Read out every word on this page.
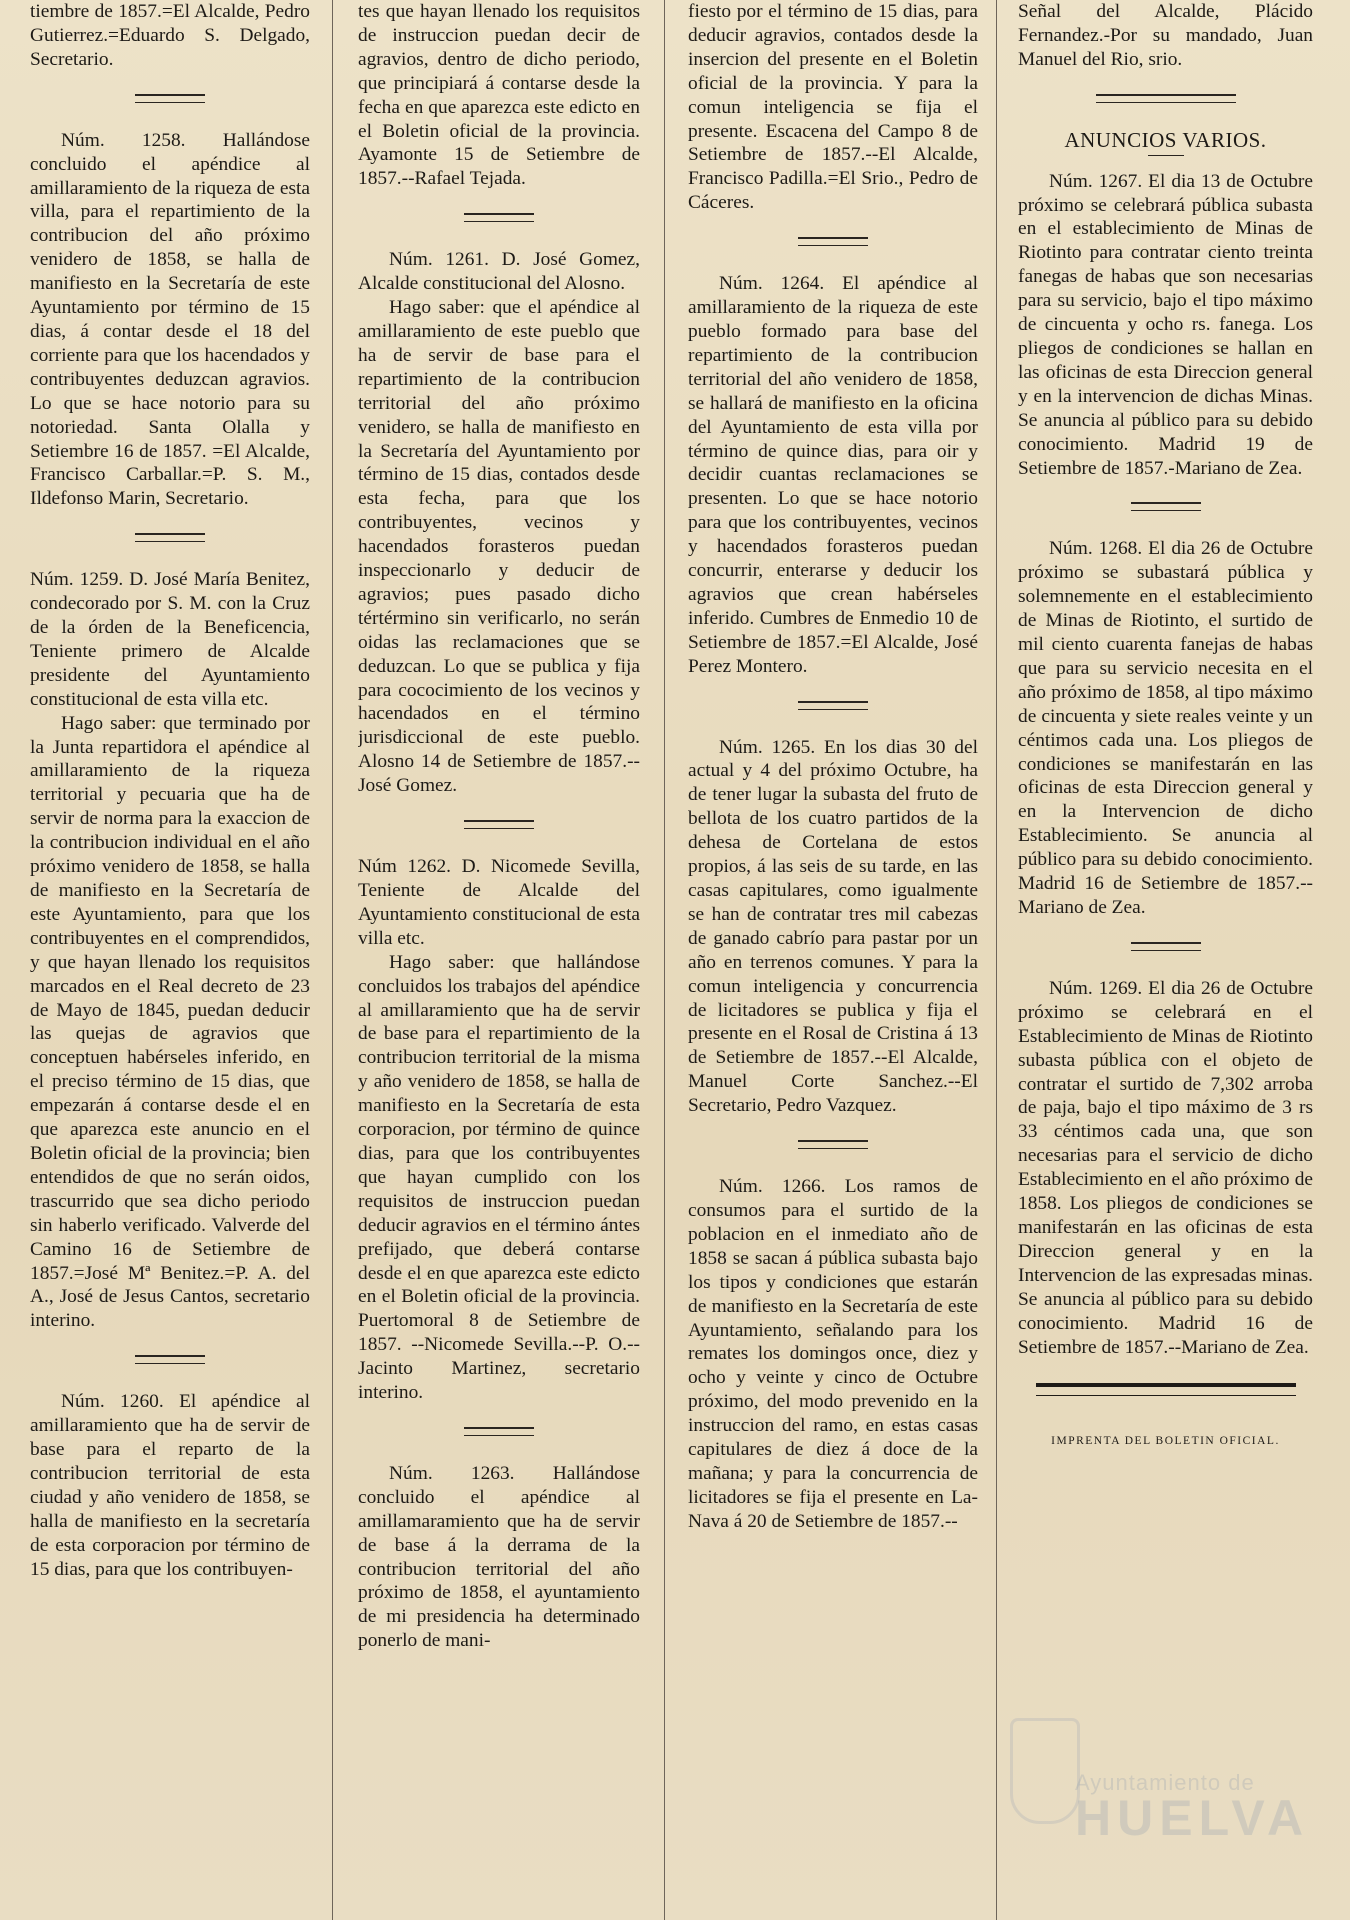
tiembre de 1857.=El Alcalde, Pedro Gutierrez.=Eduardo S. Delgado, Secretario.

Núm. 1258. Hallándose concluido el apéndice al amillaramiento de la riqueza de esta villa, para el repartimiento de la contribucion del año próximo venidero de 1858, se halla de manifiesto en la Secretaría de este Ayuntamiento por término de 15 dias, á contar desde el 18 del corriente para que los hacendados y contribuyentes deduzcan agravios. Lo que se hace notorio para su notoriedad. Santa Olalla y Setiembre 16 de 1857. =El Alcalde, Francisco Carballar.=P. S. M., Ildefonso Marin, Secretario.

Núm. 1259. D. José María Benitez, condecorado por S. M. con la Cruz de la órden de la Beneficencia, Teniente primero de Alcalde presidente del Ayuntamiento constitucional de esta villa etc.

Hago saber: que terminado por la Junta repartidora el apéndice al amillaramiento de la riqueza territorial y pecuaria que ha de servir de norma para la exaccion de la contribucion individual en el año próximo venidero de 1858, se halla de manifiesto en la Secretaría de este Ayuntamiento, para que los contribuyentes en el comprendidos, y que hayan llenado los requisitos marcados en el Real decreto de 23 de Mayo de 1845, puedan deducir las quejas de agravios que conceptuen habérseles inferido, en el preciso término de 15 dias, que empezarán á contarse desde el en que aparezca este anuncio en el Boletin oficial de la provincia; bien entendidos de que no serán oidos, trascurrido que sea dicho periodo sin haberlo verificado. Valverde del Camino 16 de Setiembre de 1857.=José Mª Benitez.=P. A. del A., José de Jesus Cantos, secretario interino.

Núm. 1260. El apéndice al amillaramiento que ha de servir de base para el reparto de la contribucion territorial de esta ciudad y año venidero de 1858, se halla de manifiesto en la secretaría de esta corporacion por término de 15 dias, para que los contribuyen-

tes que hayan llenado los requisitos de instruccion puedan decir de agravios, dentro de dicho periodo, que principiará á contarse desde la fecha en que aparezca este edicto en el Boletin oficial de la provincia. Ayamonte 15 de Setiembre de 1857.--Rafael Tejada.

Núm. 1261. D. José Gomez, Alcalde constitucional del Alosno.

Hago saber: que el apéndice al amillaramiento de este pueblo que ha de servir de base para el repartimiento de la contribucion territorial del año próximo venidero, se halla de manifiesto en la Secretaría del Ayuntamiento por término de 15 dias, contados desde esta fecha, para que los contribuyentes, vecinos y hacendados forasteros puedan inspeccionarlo y deducir de agravios; pues pasado dicho tértérmino sin verificarlo, no serán oidas las reclamaciones que se deduzcan. Lo que se publica y fija para cococimiento de los vecinos y hacendados en el término jurisdiccional de este pueblo. Alosno 14 de Setiembre de 1857.--José Gomez.

Núm 1262. D. Nicomede Sevilla, Teniente de Alcalde del Ayuntamiento constitucional de esta villa etc.

Hago saber: que hallándose concluidos los trabajos del apéndice al amillaramiento que ha de servir de base para el repartimiento de la contribucion territorial de la misma y año venidero de 1858, se halla de manifiesto en la Secretaría de esta corporacion, por término de quince dias, para que los contribuyentes que hayan cumplido con los requisitos de instruccion puedan deducir agravios en el término ántes prefijado, que deberá contarse desde el en que aparezca este edicto en el Boletin oficial de la provincia. Puertomoral 8 de Setiembre de 1857. --Nicomede Sevilla.--P. O.--Jacinto Martinez, secretario interino.

Núm. 1263. Hallándose concluido el apéndice al amillamaramiento que ha de servir de base á la derrama de la contribucion territorial del año próximo de 1858, el ayuntamiento de mi presidencia ha determinado ponerlo de mani-

fiesto por el término de 15 dias, para deducir agravios, contados desde la insercion del presente en el Boletin oficial de la provincia. Y para la comun inteligencia se fija el presente. Escacena del Campo 8 de Setiembre de 1857.--El Alcalde, Francisco Padilla.=El Srio., Pedro de Cáceres.

Núm. 1264. El apéndice al amillaramiento de la riqueza de este pueblo formado para base del repartimiento de la contribucion territorial del año venidero de 1858, se hallará de manifiesto en la oficina del Ayuntamiento de esta villa por término de quince dias, para oir y decidir cuantas reclamaciones se presenten. Lo que se hace notorio para que los contribuyentes, vecinos y hacendados forasteros puedan concurrir, enterarse y deducir los agravios que crean habérseles inferido. Cumbres de Enmedio 10 de Setiembre de 1857.=El Alcalde, José Perez Montero.

Núm. 1265. En los dias 30 del actual y 4 del próximo Octubre, ha de tener lugar la subasta del fruto de bellota de los cuatro partidos de la dehesa de Cortelana de estos propios, á las seis de su tarde, en las casas capitulares, como igualmente se han de contratar tres mil cabezas de ganado cabrío para pastar por un año en terrenos comunes. Y para la comun inteligencia y concurrencia de licitadores se publica y fija el presente en el Rosal de Cristina á 13 de Setiembre de 1857.--El Alcalde, Manuel Corte Sanchez.--El Secretario, Pedro Vazquez.

Núm. 1266. Los ramos de consumos para el surtido de la poblacion en el inmediato año de 1858 se sacan á pública subasta bajo los tipos y condiciones que estarán de manifiesto en la Secretaría de este Ayuntamiento, señalando para los remates los domingos once, diez y ocho y veinte y cinco de Octubre próximo, del modo prevenido en la instruccion del ramo, en estas casas capitulares de diez á doce de la mañana; y para la concurrencia de licitadores se fija el presente en La-Nava á 20 de Setiembre de 1857.--

Señal del Alcalde, Plácido Fernandez.-Por su mandado, Juan Manuel del Rio, srio.

ANUNCIOS VARIOS.

Núm. 1267. El dia 13 de Octubre próximo se celebrará pública subasta en el establecimiento de Minas de Riotinto para contratar ciento treinta fanegas de habas que son necesarias para su servicio, bajo el tipo máximo de cincuenta y ocho rs. fanega. Los pliegos de condiciones se hallan en las oficinas de esta Direccion general y en la intervencion de dichas Minas. Se anuncia al público para su debido conocimiento. Madrid 19 de Setiembre de 1857.-Mariano de Zea.

Núm. 1268. El dia 26 de Octubre próximo se subastará pública y solemnemente en el establecimiento de Minas de Riotinto, el surtido de mil ciento cuarenta fanejas de habas que para su servicio necesita en el año próximo de 1858, al tipo máximo de cincuenta y siete reales veinte y un céntimos cada una. Los pliegos de condiciones se manifestarán en las oficinas de esta Direccion general y en la Intervencion de dicho Establecimiento. Se anuncia al público para su debido conocimiento. Madrid 16 de Setiembre de 1857.--Mariano de Zea.

Núm. 1269. El dia 26 de Octubre próximo se celebrará en el Establecimiento de Minas de Riotinto subasta pública con el objeto de contratar el surtido de 7,302 arroba de paja, bajo el tipo máximo de 3 rs 33 céntimos cada una, que son necesarias para el servicio de dicho Establecimiento en el año próximo de 1858. Los pliegos de condiciones se manifestarán en las oficinas de esta Direccion general y en la Intervencion de las expresadas minas. Se anuncia al público para su debido conocimiento. Madrid 16 de Setiembre de 1857.--Mariano de Zea.

IMPRENTA DEL BOLETIN OFICIAL.
Ayuntamiento de
HUELVA
